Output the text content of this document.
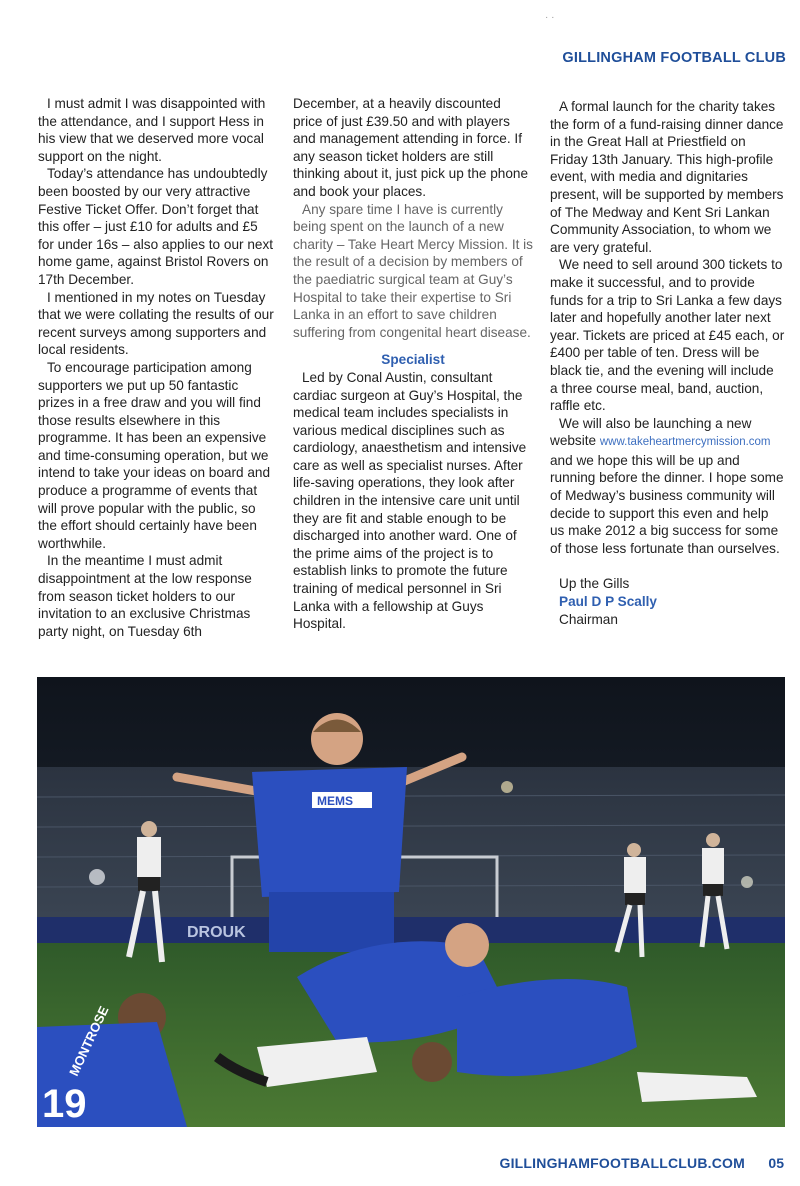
· ·
GILLINGHAM FOOTBALL CLUB

I must admit I was disappointed with the attendance, and I support Hess in his view that we deserved more vocal support on the night.

Today’s attendance has undoubtedly been boosted by our very attractive Festive Ticket Offer. Don’t forget that this offer – just £10 for adults and £5 for under 16s – also applies to our next home game, against Bristol Rovers on 17th December.

I mentioned in my notes on Tuesday that we were collating the results of our recent surveys among supporters and local residents.

To encourage participation among supporters we put up 50 fantastic prizes in a free draw and you will find those results elsewhere in this programme. It has been an expensive and time-consuming operation, but we intend to take your ideas on board and produce a programme of events that will prove popular with the public, so the effort should certainly have been worthwhile.

In the meantime I must admit disappointment at the low response from season ticket holders to our invitation to an exclusive Christmas party night, on Tuesday 6th

December, at a heavily discounted price of just £39.50 and with players and management attending in force. If any season ticket holders are still thinking about it, just pick up the phone and book your places.

Any spare time I have is currently being spent on the launch of a new charity – Take Heart Mercy Mission. It is the result of a decision by members of the paediatric surgical team at Guy’s Hospital to take their expertise to Sri Lanka in an effort to save children suffering from congenital heart disease.

Specialist

Led by Conal Austin, consultant cardiac surgeon at Guy’s Hospital, the medical team includes specialists in various medical disciplines such as cardiology, anaesthetism and intensive care as well as specialist nurses. After life-saving operations, they look after children in the intensive care unit until they are fit and stable enough to be discharged into another ward. One of the prime aims of the project is to establish links to promote the future training of medical personnel in Sri Lanka with a fellowship at Guys Hospital.

A formal launch for the charity takes the form of a fund-raising dinner dance in the Great Hall at Priestfield on Friday 13th January. This high-profile event, with media and dignitaries present, will be supported by members of The Medway and Kent Sri Lankan Community Association, to whom we are very grateful.

We need to sell around 300 tickets to make it successful, and to provide funds for a trip to Sri Lanka a few days later and hopefully another later next year. Tickets are priced at £45 each, or £400 per table of ten. Dress will be black tie, and the evening will include a three course meal, band, auction, raffle etc.

We will also be launching a new website www.takeheartmercymission.com and we hope this will be up and running before the dinner. I hope some of Medway’s business community will decide to support this even and help us make 2012 a big success for some of those less fortunate than ourselves.

Up the Gills
Paul D P Scally
Chairman
DROUK
MEMS
MONTROSE
19
GILLINGHAMFOOTBALLCLUB.COM 05
